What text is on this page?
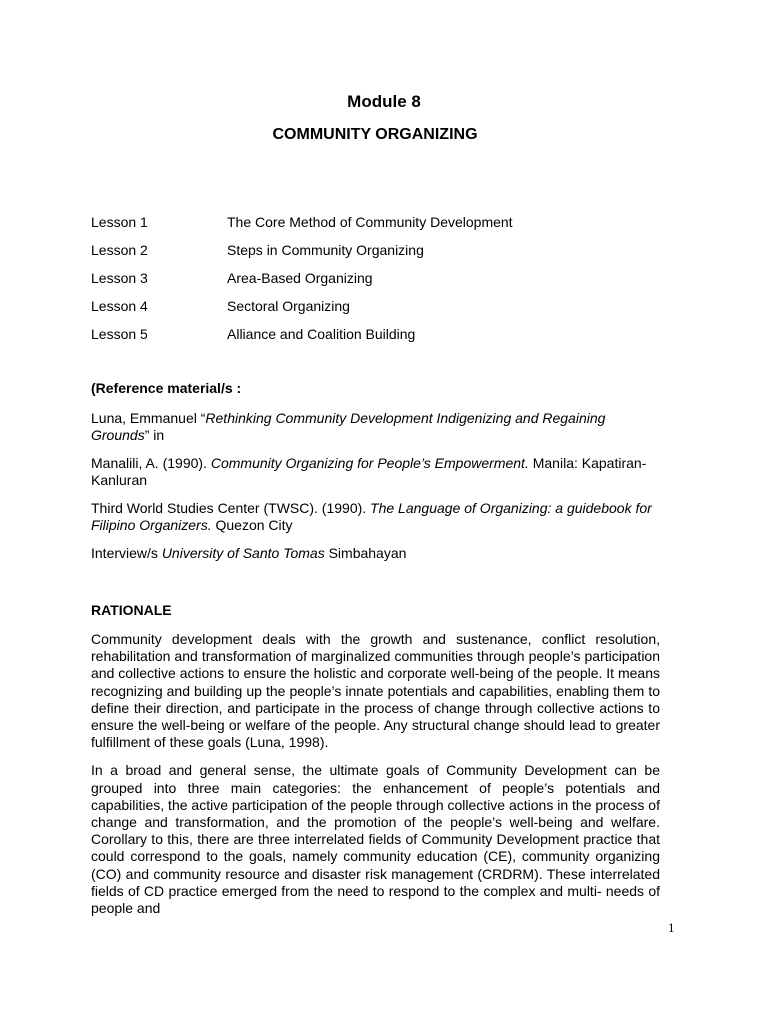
Module 8
COMMUNITY ORGANIZING
Lesson 1	The Core Method of Community Development
Lesson 2	Steps in Community Organizing
Lesson 3	Area-Based Organizing
Lesson 4	Sectoral Organizing
Lesson 5	Alliance and Coalition Building
(Reference material/s :
Luna, Emmanuel “Rethinking Community Development Indigenizing and Regaining Grounds” in
Manalili, A. (1990). Community Organizing for People’s Empowerment. Manila: Kapatiran-Kanluran
Third World Studies Center (TWSC). (1990). The Language of Organizing: a guidebook for Filipino Organizers. Quezon City
Interview/s University of Santo Tomas Simbahayan
RATIONALE

Community development deals with the growth and sustenance, conflict resolution, rehabilitation and transformation of marginalized communities through people’s participation and collective actions to ensure the holistic and corporate well-being of the people. It means recognizing and building up the people’s innate potentials and capabilities, enabling them to define their direction, and participate in the process of change through collective actions to ensure the well-being or welfare of the people. Any structural change should lead to greater fulfillment of these goals (Luna, 1998).

In a broad and general sense, the ultimate goals of Community Development can be grouped into three main categories: the enhancement of people’s potentials and capabilities, the active participation of the people through collective actions in the process of change and transformation, and the promotion of the people’s well-being and welfare. Corollary to this, there are three interrelated fields of Community Development practice that could correspond to the goals, namely community education (CE), community organizing (CO) and community resource and disaster risk management (CRDRM). These interrelated fields of CD practice emerged from the need to respond to the complex and multi- needs of people and

1
